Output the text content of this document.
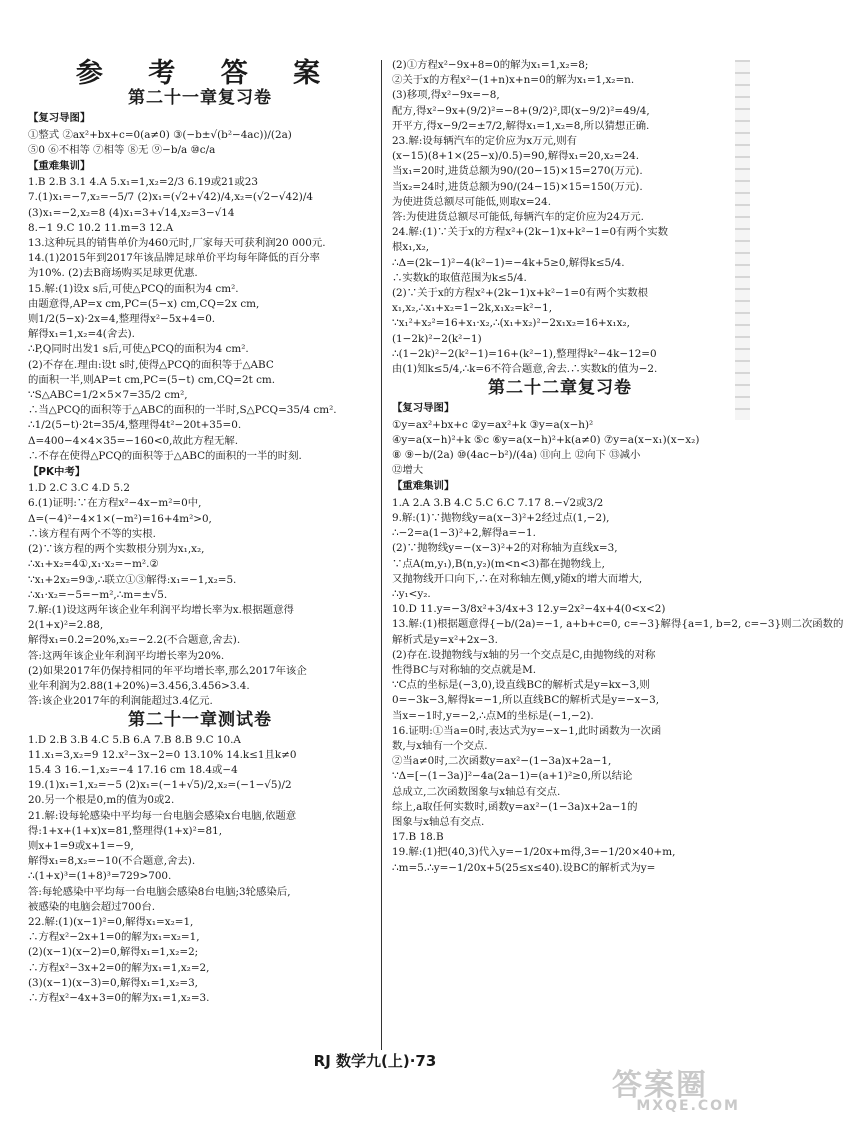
参 考 答 案
第二十一章复习卷
【复习导图】
①整式 ②ax²+bx+c=0(a≠0) ③(−b±√(b²−4ac))/(2a)
⑤0 ⑥不相等 ⑦相等 ⑧无 ⑨−b/a ⑩c/a
【重难集训】
1.B 2.B 3.1 4.A 5.x₁=1,x₂=2/3 6.19或21或23
7.(1)x₁=−7,x₂=−5/7 (2)x₁=(√2+√42)/4,x₂=(√2−√42)/4
(3)x₁=−2,x₂=8 (4)x₁=3+√14,x₂=3−√14
8.−1 9.C 10.2 11.m=3 12.A
13.这种玩具的销售单价为460元时,厂家每天可获利润20 000元.
14.(1)2015年到2017年该品牌足球单价平均每年降低的百分率
为10%. (2)去B商场购买足球更优惠.
15.解:(1)设x s后,可使△PCQ的面积为4 cm².
由题意得,AP=x cm,PC=(5−x) cm,CQ=2x cm,
则1/2(5−x)·2x=4,整理得x²−5x+4=0.
解得x₁=1,x₂=4(舍去).
∴P,Q同时出发1 s后,可使△PCQ的面积为4 cm².
(2)不存在.理由:设t s时,使得△PCQ的面积等于△ABC
的面积一半,则AP=t cm,PC=(5−t) cm,CQ=2t cm.
∵S△ABC=1/2×5×7=35/2 cm²,
∴当△PCQ的面积等于△ABC的面积的一半时,S△PCQ=35/4 cm².
∴1/2(5−t)·2t=35/4,整理得4t²−20t+35=0.
Δ=400−4×4×35=−160<0,故此方程无解.
∴不存在使得△PCQ的面积等于△ABC的面积的一半的时刻.
【PK中考】
1.D 2.C 3.C 4.D 5.2
6.(1)证明:∵在方程x²−4x−m²=0中,
Δ=(−4)²−4×1×(−m²)=16+4m²>0,
∴该方程有两个不等的实根.
(2)∵该方程的两个实数根分别为x₁,x₂,
∴x₁+x₂=4①,x₁·x₂=−m².②
∵x₁+2x₂=9③,∴联立①③解得:x₁=−1,x₂=5.
∴x₁·x₂=−5=−m²,∴m=±√5.
7.解:(1)设这两年该企业年利润平均增长率为x.根据题意得
2(1+x)²=2.88,
解得x₁=0.2=20%,x₂=−2.2(不合题意,舍去).
答:这两年该企业年利润平均增长率为20%.
(2)如果2017年仍保持相同的年平均增长率,那么2017年该企
业年利润为2.88(1+20%)=3.456,3.456>3.4.
答:该企业2017年的利润能超过3.4亿元.
第二十一章测试卷
1.D 2.B 3.B 4.C 5.B 6.A 7.B 8.B 9.C 10.A
11.x₁=3,x₂=9 12.x²−3x−2=0 13.10% 14.k≤1且k≠0
15.4 3 16.−1,x₂=−4 17.16 cm 18.4或−4
19.(1)x₁=1,x₂=−5 (2)x₁=(−1+√5)/2,x₂=(−1−√5)/2
20.另一个根是0,m的值为0或2.
21.解:设每轮感染中平均每一台电脑会感染x台电脑,依题意
得:1+x+(1+x)x=81,整理得(1+x)²=81,
则x+1=9或x+1=−9,
解得x₁=8,x₂=−10(不合题意,舍去).
∴(1+x)³=(1+8)³=729>700.
答:每轮感染中平均每一台电脑会感染8台电脑;3轮感染后,
被感染的电脑会超过700台.
22.解:(1)(x−1)²=0,解得x₁=x₂=1,
∴方程x²−2x+1=0的解为x₁=x₂=1,
(2)(x−1)(x−2)=0,解得x₁=1,x₂=2;
∴方程x²−3x+2=0的解为x₁=1,x₂=2,
(3)(x−1)(x−3)=0,解得x₁=1,x₂=3,
∴方程x²−4x+3=0的解为x₁=1,x₂=3.
(2)①方程x²−9x+8=0的解为x₁=1,x₂=8;
②关于x的方程x²−(1+n)x+n=0的解为x₁=1,x₂=n.
(3)移项,得x²−9x=−8,
配方,得x²−9x+(9/2)²=−8+(9/2)²,即(x−9/2)²=49/4,
开平方,得x−9/2=±7/2,解得x₁=1,x₂=8,所以猜想正确.
23.解:设每辆汽车的定价应为x万元,则有
(x−15)(8+1×(25−x)/0.5)=90,解得x₁=20,x₂=24.
当x₁=20时,进货总额为90/(20−15)×15=270(万元).
当x₂=24时,进货总额为90/(24−15)×15=150(万元).
为使进货总额尽可能低,则取x=24.
答:为使进货总额尽可能低,每辆汽车的定价应为24万元.
24.解:(1)∵关于x的方程x²+(2k−1)x+k²−1=0有两个实数
根x₁,x₂,
∴Δ=(2k−1)²−4(k²−1)=−4k+5≥0,解得k≤5/4.
∴实数k的取值范围为k≤5/4.
(2)∵关于x的方程x²+(2k−1)x+k²−1=0有两个实数根
x₁,x₂,∴x₁+x₂=1−2k,x₁x₂=k²−1,
∵x₁²+x₂²=16+x₁·x₂,∴(x₁+x₂)²−2x₁x₂=16+x₁x₂,
(1−2k)²−2(k²−1)
∴(1−2k)²−2(k²−1)=16+(k²−1),整理得k²−4k−12=0
由(1)知k≤5/4,∴k=6不符合题意,舍去.∴实数k的值为−2.
第二十二章复习卷
【复习导图】
①y=ax²+bx+c ②y=ax²+k ③y=a(x−h)²
④y=a(x−h)²+k ⑤c ⑥y=a(x−h)²+k(a≠0) ⑦y=a(x−x₁)(x−x₂)
⑧ ⑨−b/(2a) ⑩(4ac−b²)/(4a) ⑪向上 ⑫向下 ⑬减小
⑫增大
【重难集训】
1.A 2.A 3.B 4.C 5.C 6.C 7.17 8.−√2或3/2
9.解:(1)∵抛物线y=a(x−3)²+2经过点(1,−2),
∴−2=a(1−3)²+2,解得a=−1.
(2)∵抛物线y=−(x−3)²+2的对称轴为直线x=3,
∵点A(m,y₁),B(n,y₂)(m<n<3)都在抛物线上,
又抛物线开口向下,∴在对称轴左侧,y随x的增大而增大,
∴y₁<y₂.
10.D 11.y=−3/8x²+3/4x+3 12.y=2x²−4x+4(0<x<2)
13.解:(1)根据题意得{−b/(2a)=−1, a+b+c=0, c=−3}解得{a=1, b=2, c=−3}则二次函数的
解析式是y=x²+2x−3.
(2)存在.设抛物线与x轴的另一个交点是C,由抛物线的对称
性得BC与对称轴的交点就是M.
∵C点的坐标是(−3,0),设直线BC的解析式是y=kx−3,则
0=−3k−3,解得k=−1,所以直线BC的解析式是y=−x−3,
当x=−1时,y=−2,∴点M的坐标是(−1,−2).
16.证明:①当a=0时,表达式为y=−x−1,此时函数为一次函
数,与x轴有一个交点.
②当a≠0时,二次函数y=ax²−(1−3a)x+2a−1,
∵Δ=[−(1−3a)]²−4a(2a−1)=(a+1)²≥0,所以结论
总成立,二次函数图象与x轴总有交点.
综上,a取任何实数时,函数y=ax²−(1−3a)x+2a−1的
图象与x轴总有交点.
17.B 18.B
19.解:(1)把(40,3)代入y=−1/20x+m得,3=−1/20×40+m,
∴m=5.∴y=−1/20x+5(25≤x≤40).设BC的解析式为y=
RJ 数学九(上)·73
答案圈
MXQE.COM
